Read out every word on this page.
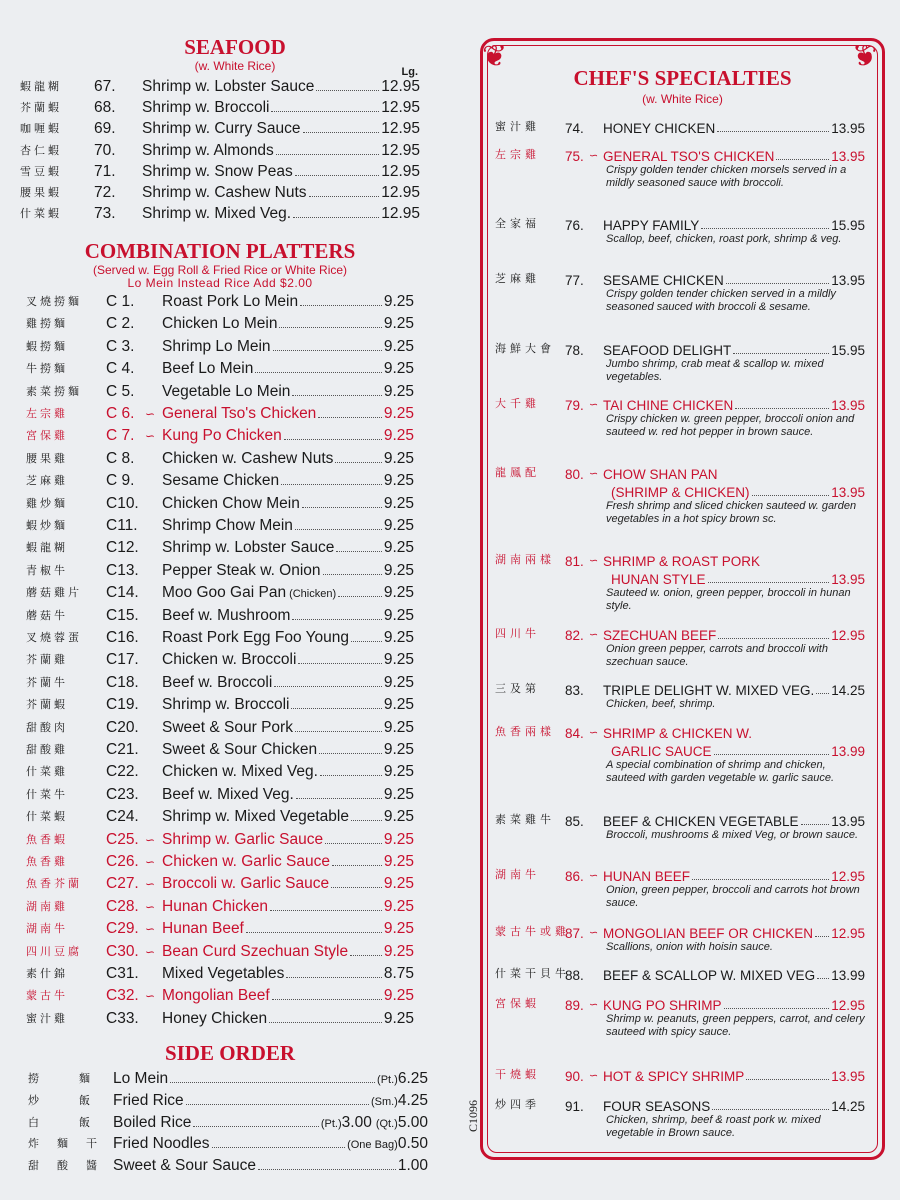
SEAFOOD
(w. White Rice)	Lg.
蝦龍糊	67.	Shrimp w. Lobster Sauce	12.95
芥蘭蝦	68.	Shrimp w. Broccoli	12.95
咖喱蝦	69.	Shrimp w. Curry Sauce	12.95
杏仁蝦	70.	Shrimp w. Almonds	12.95
雪豆蝦	71.	Shrimp w. Snow Peas	12.95
腰果蝦	72.	Shrimp w. Cashew Nuts	12.95
什菜蝦	73.	Shrimp w. Mixed Veg.	12.95
COMBINATION PLATTERS
(Served w. Egg Roll & Fried Rice or White Rice)
Lo Mein Instead Rice Add $2.00
叉燒撈麵	C 1.	Roast Pork Lo Mein	9.25
雞撈麵	C 2.	Chicken Lo Mein	9.25
蝦撈麵	C 3.	Shrimp Lo Mein	9.25
牛撈麵	C 4.	Beef Lo Mein	9.25
素菜撈麵	C 5.	Vegetable Lo Mein	9.25
左宗雞	C 6. ∽ General Tso's Chicken	9.25
宮保雞	C 7. ∽ Kung Po Chicken	9.25
腰果雞	C 8.	Chicken w. Cashew Nuts	9.25
芝麻雞	C 9.	Sesame Chicken	9.25
雞炒麵	C10.	Chicken Chow Mein	9.25
蝦炒麵	C11.	Shrimp Chow Mein	9.25
蝦龍糊	C12.	Shrimp w. Lobster Sauce	9.25
青椒牛	C13.	Pepper Steak w. Onion	9.25
蘑菇雞片	C14.	Moo Goo Gai Pan (Chicken)	9.25
蘑菇牛	C15.	Beef w. Mushroom	9.25
叉燒蓉蛋	C16.	Roast Pork Egg Foo Young 9.25
芥蘭雞	C17.	Chicken w. Broccoli	9.25
芥蘭牛	C18.	Beef w. Broccoli	9.25
芥蘭蝦	C19.	Shrimp w. Broccoli	9.25
甜酸肉	C20.	Sweet & Sour Pork	9.25
甜酸雞	C21.	Sweet & Sour Chicken	9.25
什菜雞	C22.	Chicken w. Mixed Veg.	9.25
什菜牛	C23.	Beef w. Mixed Veg.	9.25
什菜蝦	C24.	Shrimp w. Mixed Vegetable 9.25
魚香蝦	C25. ∽ Shrimp w. Garlic Sauce	9.25
魚香雞	C26. ∽ Chicken w. Garlic Sauce	9.25
魚香芥蘭	C27. ∽ Broccoli w. Garlic Sauce	9.25
湖南雞	C28. ∽ Hunan Chicken	9.25
湖南牛	C29. ∽ Hunan Beef	9.25
四川豆腐	C30. ∽ Bean Curd Szechuan Style 9.25
素什錦	C31.	Mixed Vegetables	8.75
蒙古牛	C32. ∽ Mongolian Beef	9.25
蜜汁雞	C33.	Honey Chicken	9.25
SIDE ORDER
撈麵
Lo Mein	(Pt.) 6.25
炒飯
Fried Rice	(Sm.) 4.25
白飯
Boiled Rice	(Pt.) 3.00 (Qt.) 5.00
炸麵干
Fried Noodles	(One Bag) 0.50
甜酸醬
Sweet & Sour Sauce	1.00
C1096
❦	❦
CHEF'S SPECIALTIES
(w. White Rice)
蜜汁雞	74.	HONEY CHICKEN	13.95
左宗雞	75. ∽ GENERAL TSO'S CHICKEN	13.95
Crispy golden tender chicken morsels served in a mildly seasoned sauce with broccoli.
全家福	76.	HAPPY FAMILY	15.95
Scallop, beef, chicken, roast pork, shrimp & veg.
芝麻雞	77.	SESAME CHICKEN	13.95
Crispy golden tender chicken served in a mildly seasoned sauced with broccoli & sesame.
海鮮大會 78.	SEAFOOD DELIGHT	15.95
Jumbo shrimp, crab meat & scallop w. mixed vegetables.
大千雞	79. ∽ TAI CHINE CHICKEN	13.95
Crispy chicken w. green pepper, broccoli onion and sauteed w. red hot pepper in brown sauce.
龍鳳配	80. ∽ CHOW SHAN PAN
(SHRIMP & CHICKEN)	13.95
Fresh shrimp and sliced chicken sauteed w. garden vegetables in a hot spicy brown sc.
湖南兩樣 81. ∽ SHRIMP & ROAST PORK
HUNAN STYLE	13.95
Sauteed w. onion, green pepper, broccoli in hunan style.
四川牛	82. ∽ SZECHUAN BEEF	12.95
Onion green pepper, carrots and broccoli with szechuan sauce.
三及第	83.	TRIPLE DELIGHT W. MIXED VEG. 14.25
Chicken, beef, shrimp.
魚香兩樣 84. ∽ SHRIMP & CHICKEN W.
GARLIC SAUCE	13.99
A special combination of shrimp and chicken, sauteed with garden vegetable w. garlic sauce.
素菜雞牛 85.	BEEF & CHICKEN VEGETABLE 13.95
Broccoli, mushrooms & mixed Veg, or brown sauce.
湖南牛	86. ∽ HUNAN BEEF	12.95
Onion, green pepper, broccoli and carrots hot brown sauce.
蒙古牛或雞
87. ∽ MONGOLIAN BEEF OR CHICKEN 12.95
Scallions, onion with hoisin sauce.
什菜干貝牛
88.	BEEF & SCALLOP W. MIXED VEG 13.99
宮保蝦	89. ∽ KUNG PO SHRIMP	12.95
Shrimp w. peanuts, green peppers, carrot, and celery sauteed with spicy sauce.
干燒蝦	90. ∽ HOT & SPICY SHRIMP	13.95
炒四季	91.	FOUR SEASONS	14.25
Chicken, shrimp, beef & roast pork w. mixed vegetable in Brown sauce.
